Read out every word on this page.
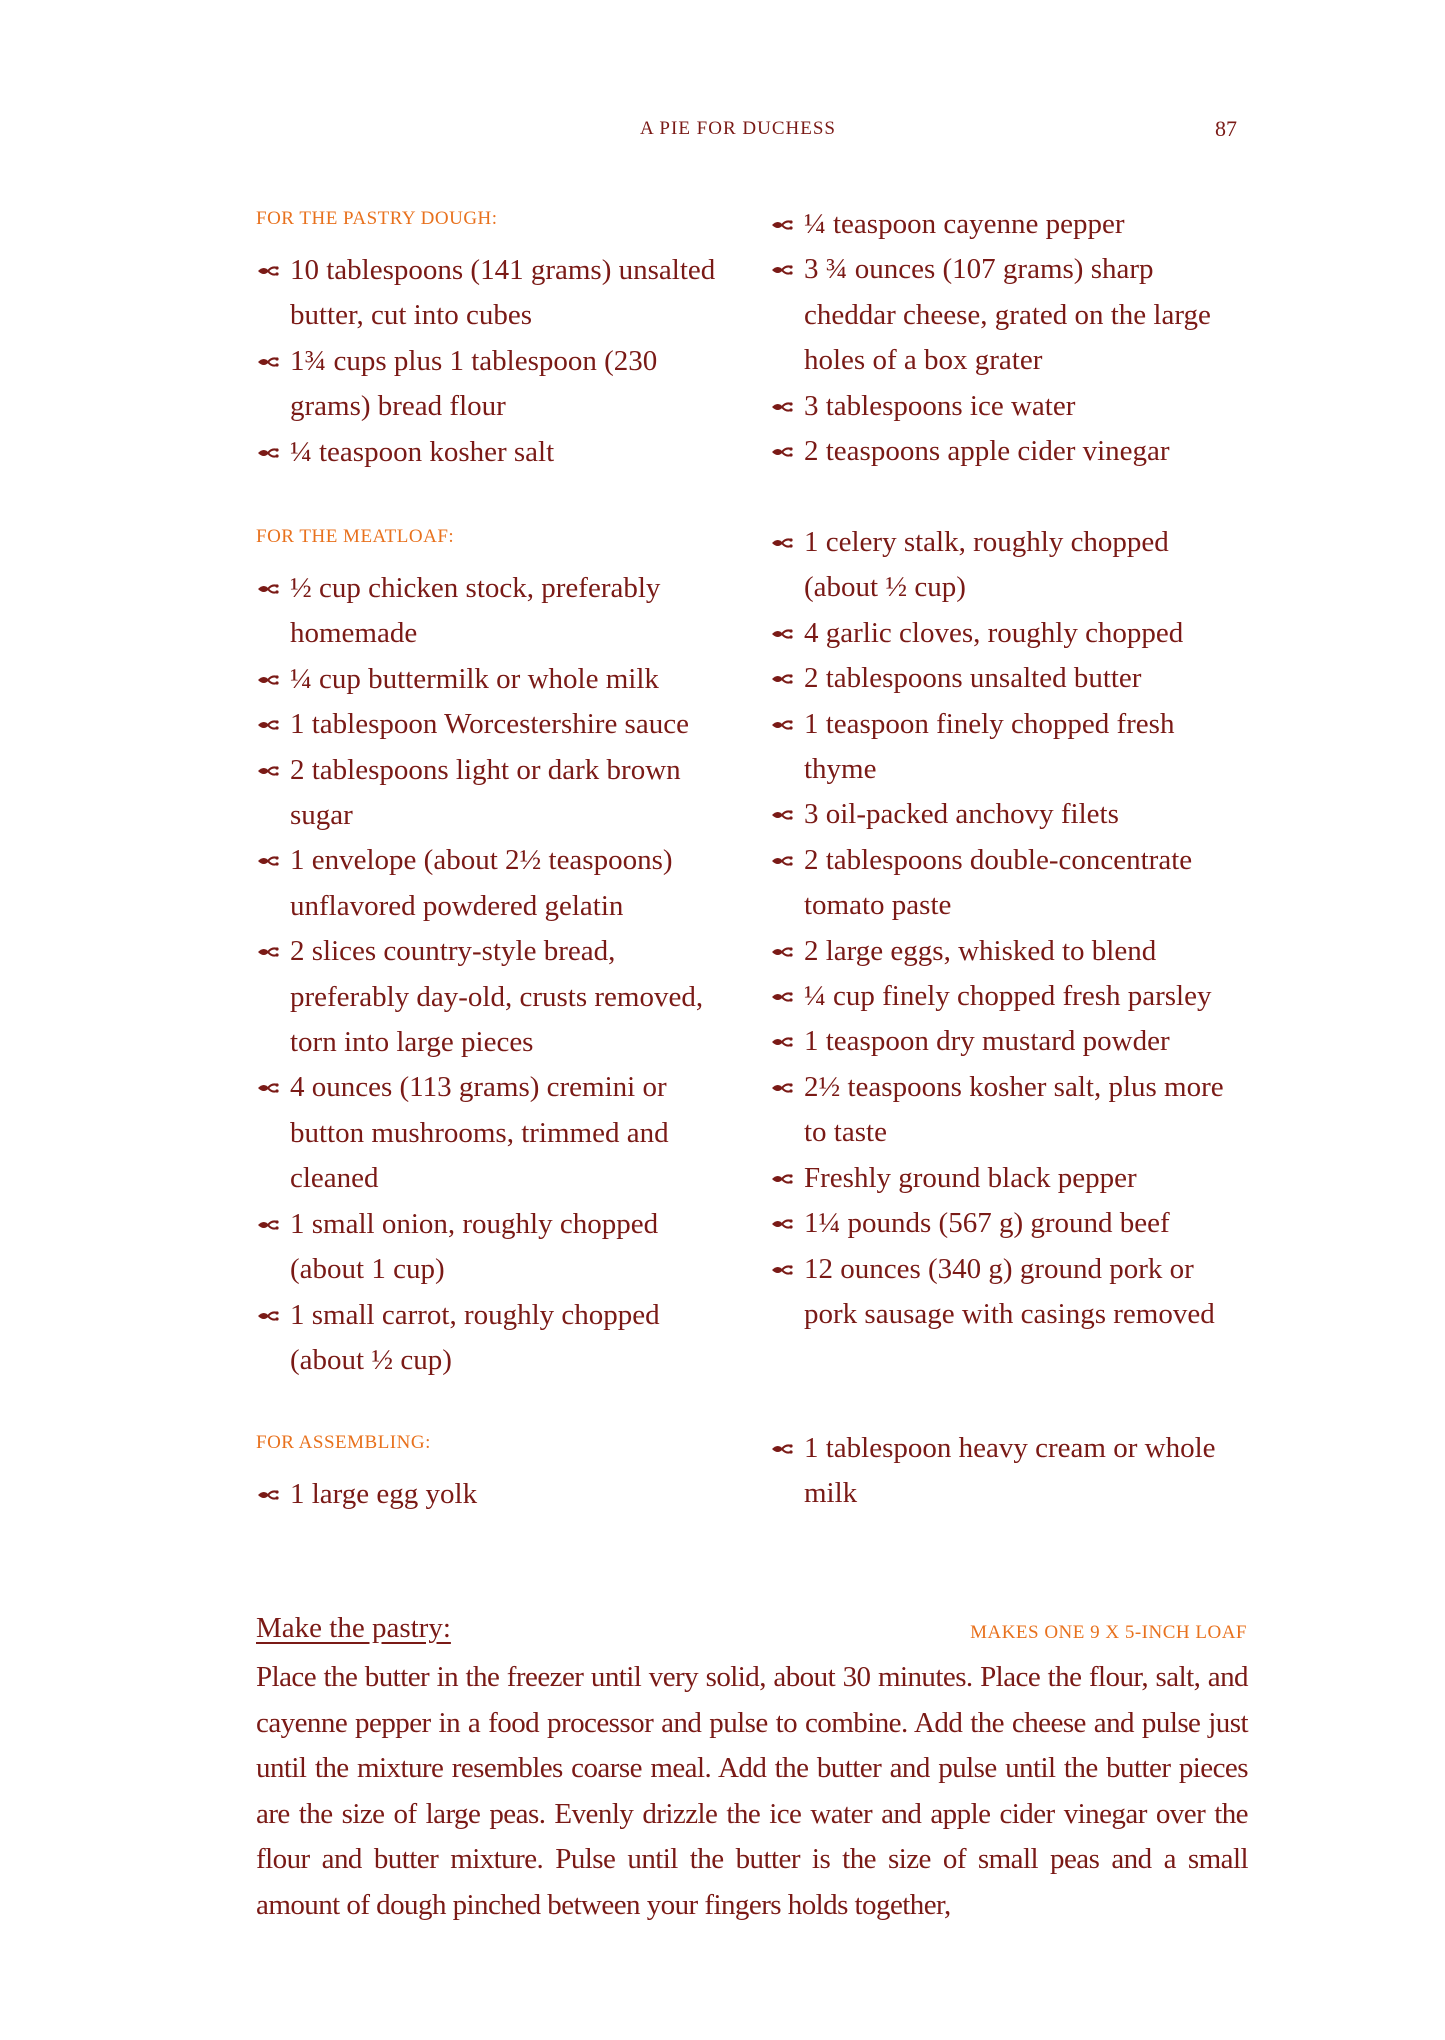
A PIE FOR DUCHESS	87
FOR THE PASTRY DOUGH:
10 tablespoons (141 grams) unsalted butter, cut into cubes
1¾ cups plus 1 tablespoon (230 grams) bread flour
¼ teaspoon kosher salt
¼ teaspoon cayenne pepper
3 ¾ ounces (107 grams) sharp cheddar cheese, grated on the large holes of a box grater
3 tablespoons ice water
2 teaspoons apple cider vinegar
FOR THE MEATLOAF:
½ cup chicken stock, preferably homemade
¼ cup buttermilk or whole milk
1 tablespoon Worcestershire sauce
2 tablespoons light or dark brown sugar
1 envelope (about 2½ teaspoons) unflavored powdered gelatin
2 slices country-style bread, preferably day-old, crusts removed, torn into large pieces
4 ounces (113 grams) cremini or button mushrooms, trimmed and cleaned
1 small onion, roughly chopped (about 1 cup)
1 small carrot, roughly chopped (about ½ cup)
1 celery stalk, roughly chopped (about ½ cup)
4 garlic cloves, roughly chopped
2 tablespoons unsalted butter
1 teaspoon finely chopped fresh thyme
3 oil-packed anchovy filets
2 tablespoons double-concentrate tomato paste
2 large eggs, whisked to blend
¼ cup finely chopped fresh parsley
1 teaspoon dry mustard powder
2½ teaspoons kosher salt, plus more to taste
Freshly ground black pepper
1¼ pounds (567 g) ground beef
12 ounces (340 g) ground pork or pork sausage with casings removed
FOR ASSEMBLING:
1 large egg yolk
1 tablespoon heavy cream or whole milk
Make the pastry:	MAKES ONE 9 X 5-INCH LOAF
Place the butter in the freezer until very solid, about 30 minutes. Place the flour, salt, and cayenne pepper in a food processor and pulse to combine. Add the cheese and pulse just until the mixture resembles coarse meal. Add the butter and pulse until the butter pieces are the size of large peas. Evenly drizzle the ice water and apple cider vinegar over the flour and butter mixture. Pulse until the butter is the size of small peas and a small amount of dough pinched between your fingers holds together,
